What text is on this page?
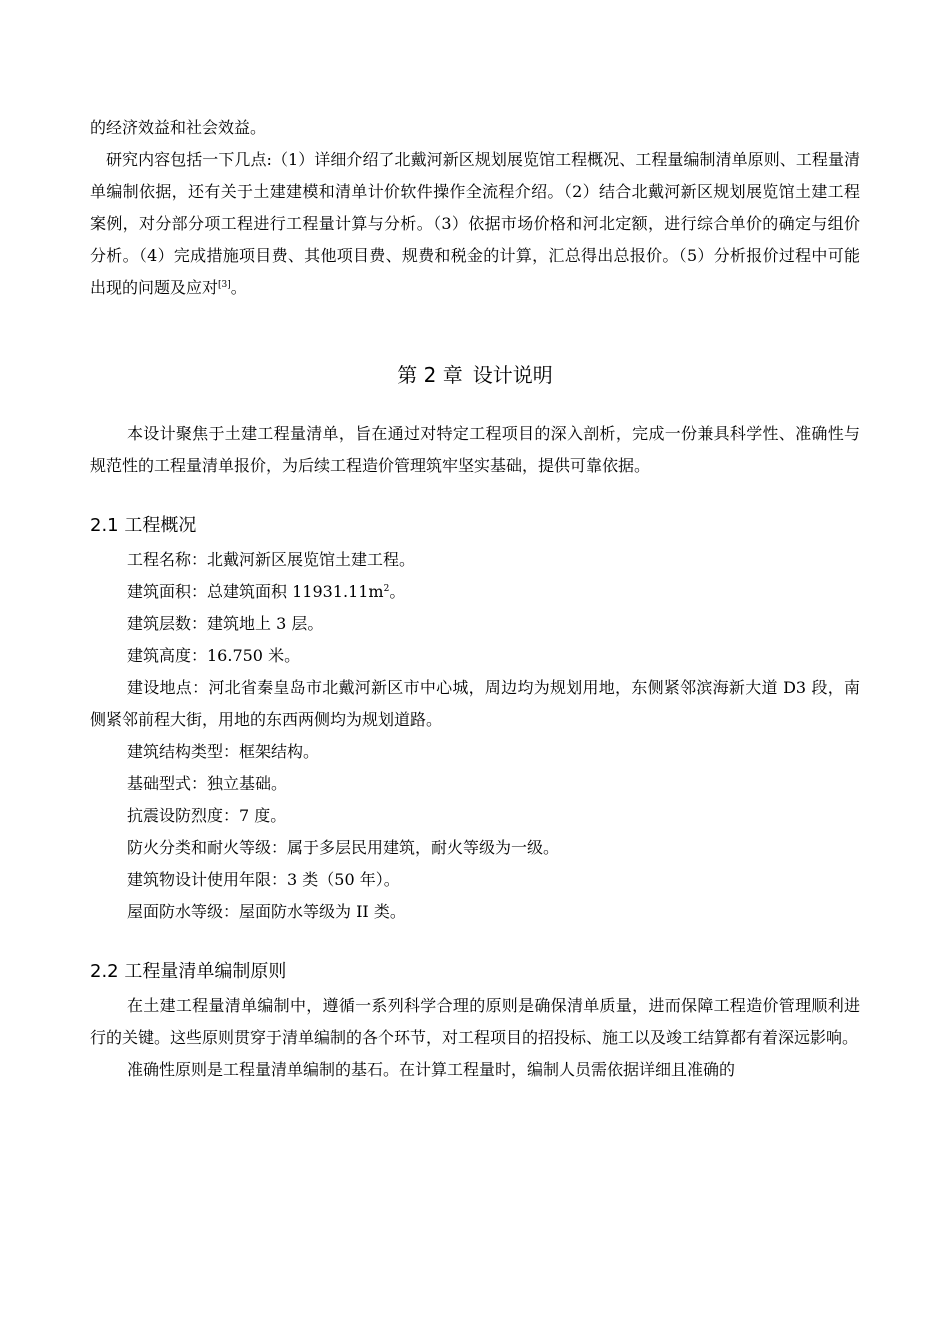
的经济效益和社会效益。

研究内容包括一下几点:（1）详细介绍了北戴河新区规划展览馆工程概况、工程量编制清单原则、工程量清单编制依据，还有关于土建建模和清单计价软件操作全流程介绍。（2）结合北戴河新区规划展览馆土建工程案例，对分部分项工程进行工程量计算与分析。（3）依据市场价格和河北定额，进行综合单价的确定与组价分析。（4）完成措施项目费、其他项目费、规费和税金的计算，汇总得出总报价。（5）分析报价过程中可能出现的问题及应对[3]。

第 2 章 设计说明

本设计聚焦于土建工程量清单，旨在通过对特定工程项目的深入剖析，完成一份兼具科学性、准确性与规范性的工程量清单报价，为后续工程造价管理筑牢坚实基础，提供可靠依据。

2.1 工程概况

工程名称：北戴河新区展览馆土建工程。

建筑面积：总建筑面积 $11931.11m^2$。

建筑层数：建筑地上 3 层。

建筑高度：16.750 米。

建设地点：河北省秦皇岛市北戴河新区市中心城，周边均为规划用地，东侧紧邻滨海新大道 D3 段，南侧紧邻前程大街，用地的东西两侧均为规划道路。

建筑结构类型：框架结构。

基础型式：独立基础。

抗震设防烈度：7 度。

防火分类和耐火等级：属于多层民用建筑，耐火等级为一级。

建筑物设计使用年限：3 类（50 年）。

屋面防水等级：屋面防水等级为 II 类。

2.2 工程量清单编制原则

在土建工程量清单编制中，遵循一系列科学合理的原则是确保清单质量，进而保障工程造价管理顺利进行的关键。这些原则贯穿于清单编制的各个环节，对工程项目的招投标、施工以及竣工结算都有着深远影响。

准确性原则是工程量清单编制的基石。在计算工程量时，编制人员需依据详细且准确的
